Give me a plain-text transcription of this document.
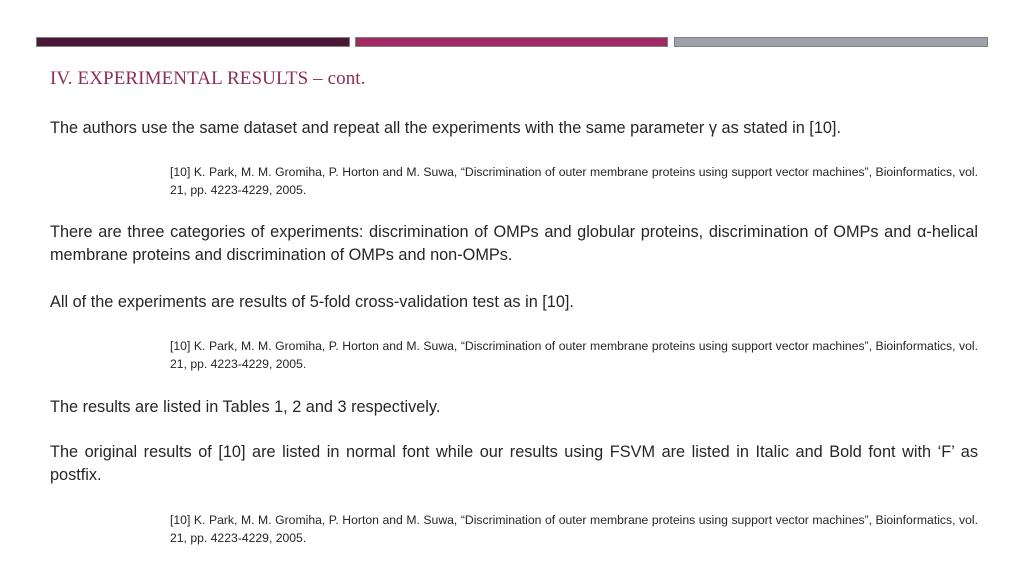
IV. EXPERIMENTAL RESULTS – cont.
The authors use the same dataset and repeat all the experiments with the same parameter γ as stated in [10].
[10] K. Park, M. M. Gromiha, P. Horton and M. Suwa, “Discrimination of outer membrane proteins using support vector machines”, Bioinformatics, vol. 21, pp. 4223-4229, 2005.
There are three categories of experiments: discrimination of OMPs and globular proteins, discrimination of OMPs and α-helical membrane proteins and discrimination of OMPs and non-OMPs.
All of the experiments are results of 5-fold cross-validation test as in [10].
[10] K. Park, M. M. Gromiha, P. Horton and M. Suwa, “Discrimination of outer membrane proteins using support vector machines”, Bioinformatics, vol. 21, pp. 4223-4229, 2005.
The results are listed in Tables 1, 2 and 3 respectively.
The original results of [10] are listed in normal font while our results using FSVM are listed in Italic and Bold font with ‘F’ as postfix.
[10] K. Park, M. M. Gromiha, P. Horton and M. Suwa, “Discrimination of outer membrane proteins using support vector machines”, Bioinformatics, vol. 21, pp. 4223-4229, 2005.
